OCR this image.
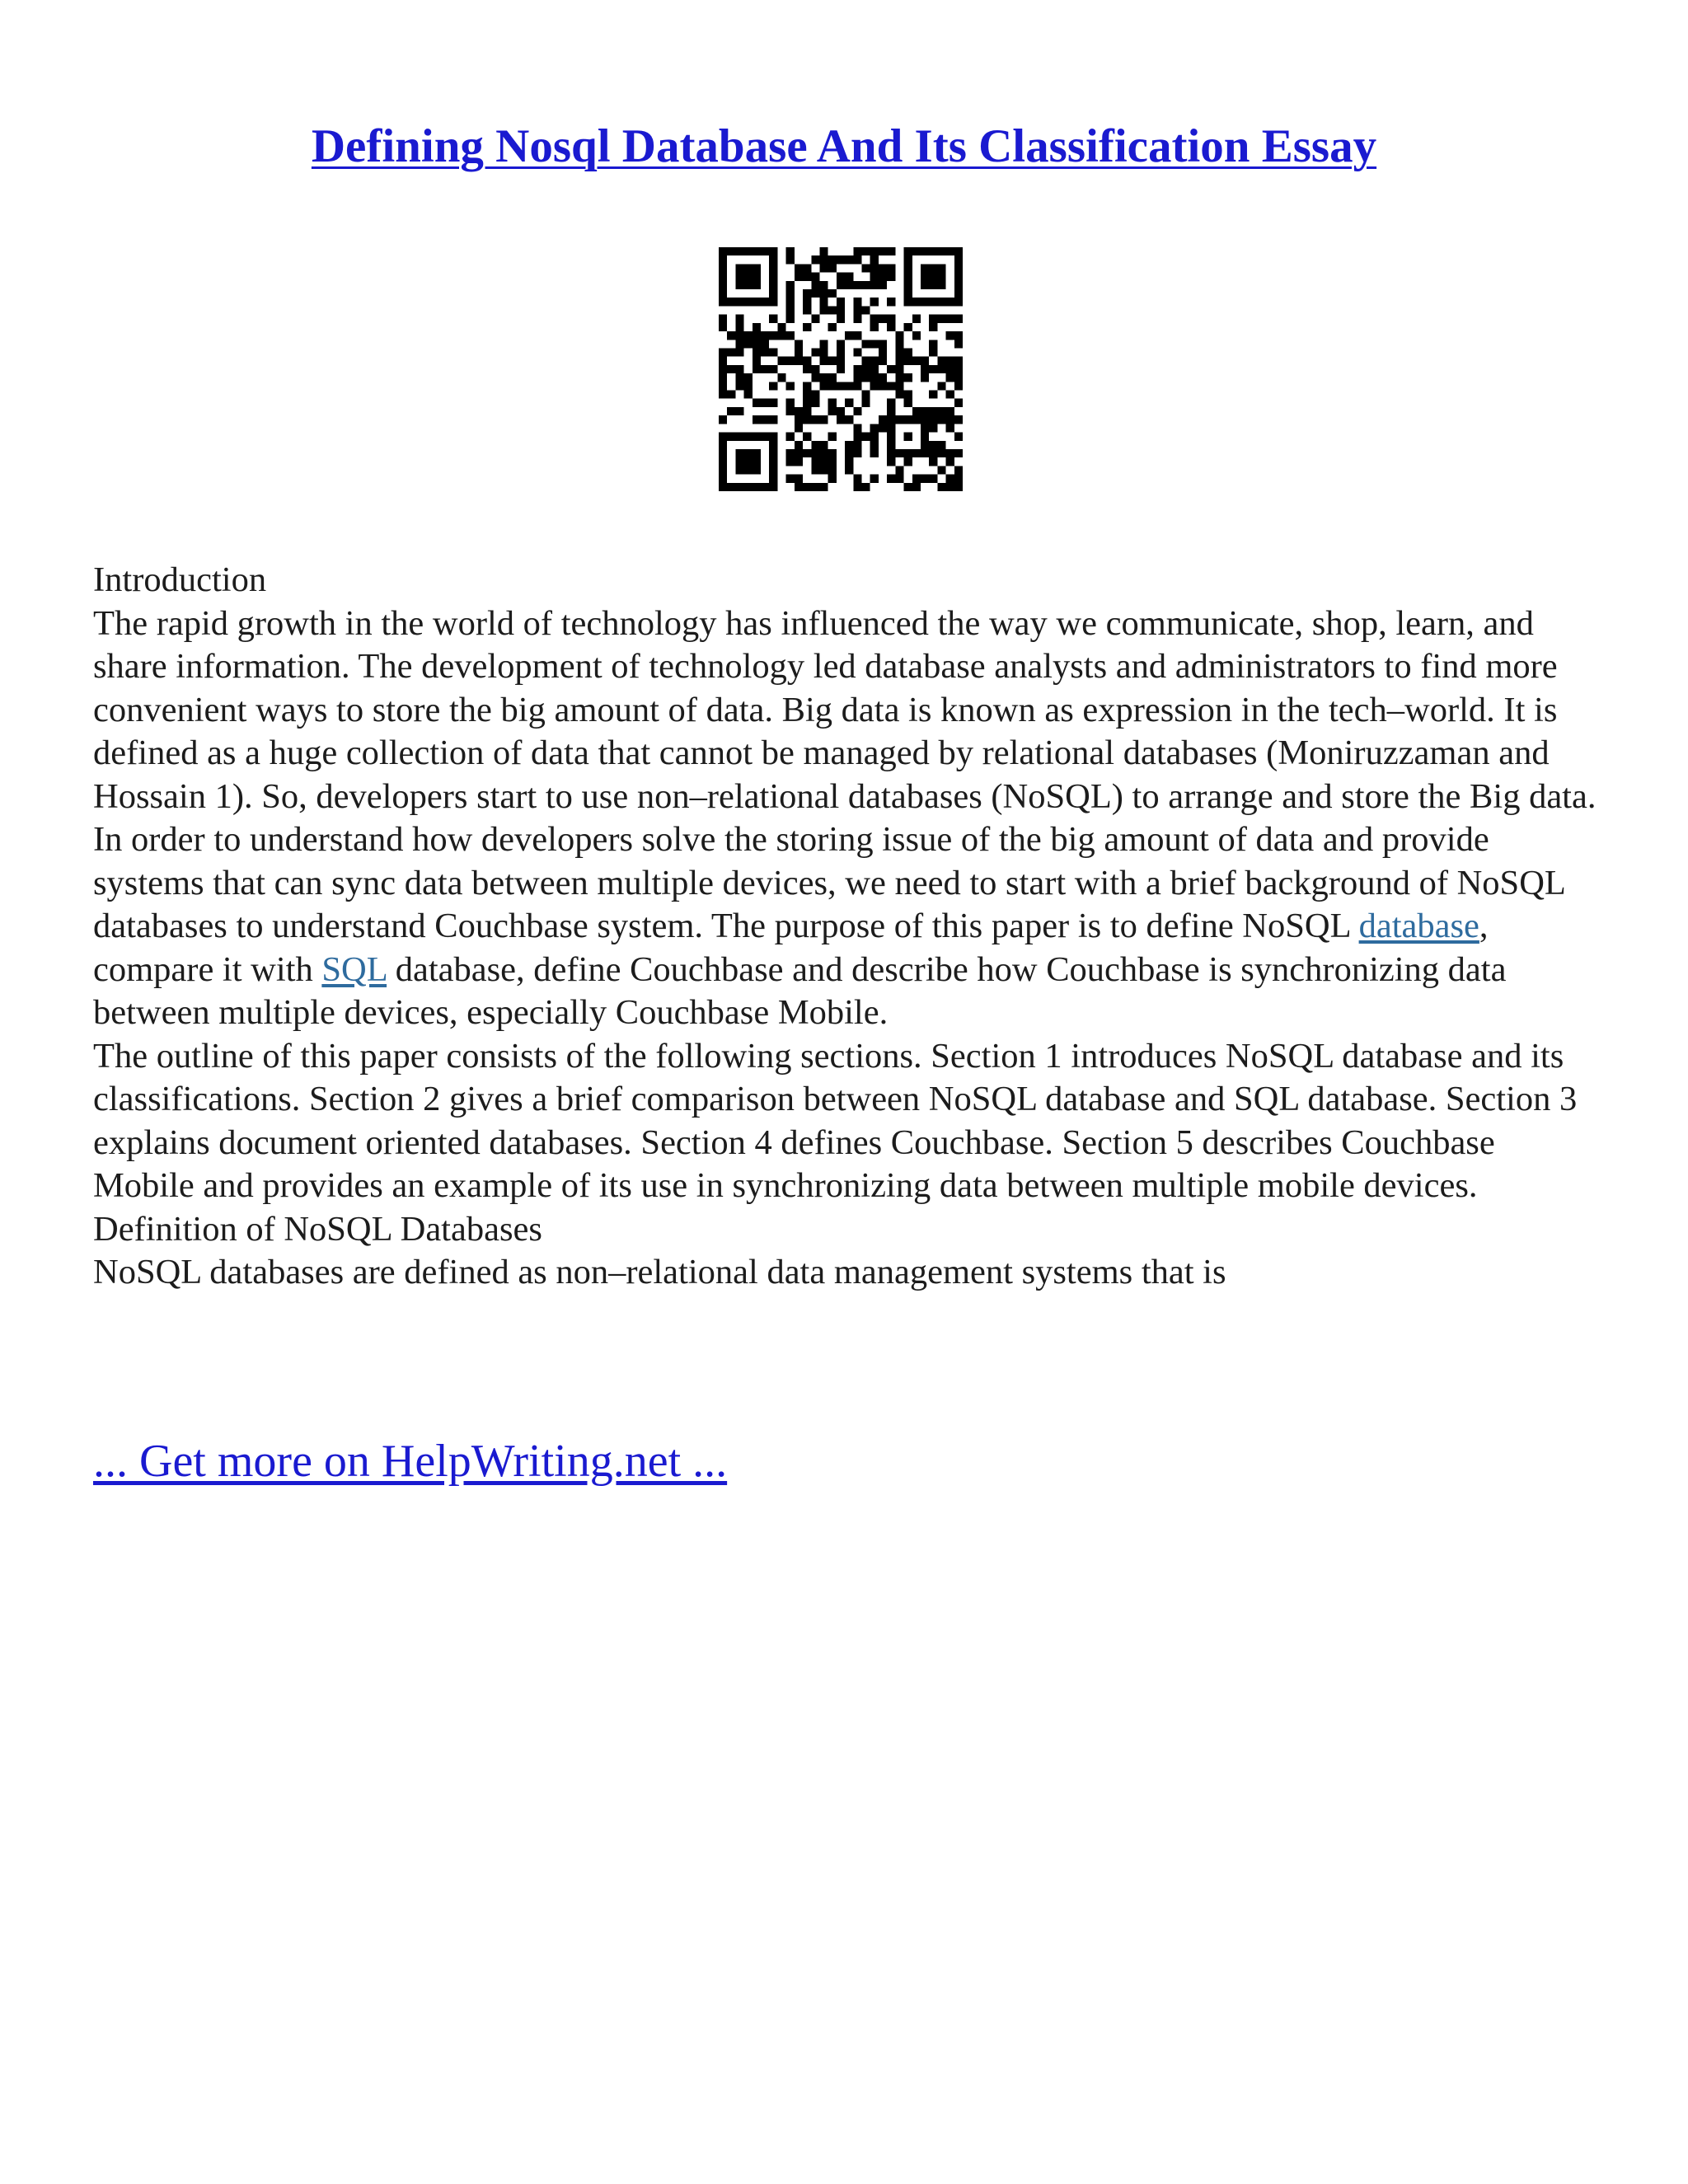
Defining Nosql Database And Its Classification Essay

Introduction

The rapid growth in the world of technology has influenced the way we communicate, shop, learn, and share information. The development of technology led database analysts and administrators to find more convenient ways to store the big amount of data. Big data is known as expression in the tech–world. It is defined as a huge collection of data that cannot be managed by relational databases (Moniruzzaman and Hossain 1). So, developers start to use non–relational databases (NoSQL) to arrange and store the Big data. In order to understand how developers solve the storing issue of the big amount of data and provide systems that can sync data between multiple devices, we need to start with a brief background of NoSQL databases to understand Couchbase system. The purpose of this paper is to define NoSQL database, compare it with SQL database, define Couchbase and describe how Couchbase is synchronizing data between multiple devices, especially Couchbase Mobile.

The outline of this paper consists of the following sections. Section 1 introduces NoSQL database and its classifications. Section 2 gives a brief comparison between NoSQL database and SQL database. Section 3 explains document oriented databases. Section 4 defines Couchbase. Section 5 describes Couchbase Mobile and provides an example of its use in synchronizing data between multiple mobile devices.

Definition of NoSQL Databases

NoSQL databases are defined as non–relational data management systems that is

... Get more on HelpWriting.net ...
